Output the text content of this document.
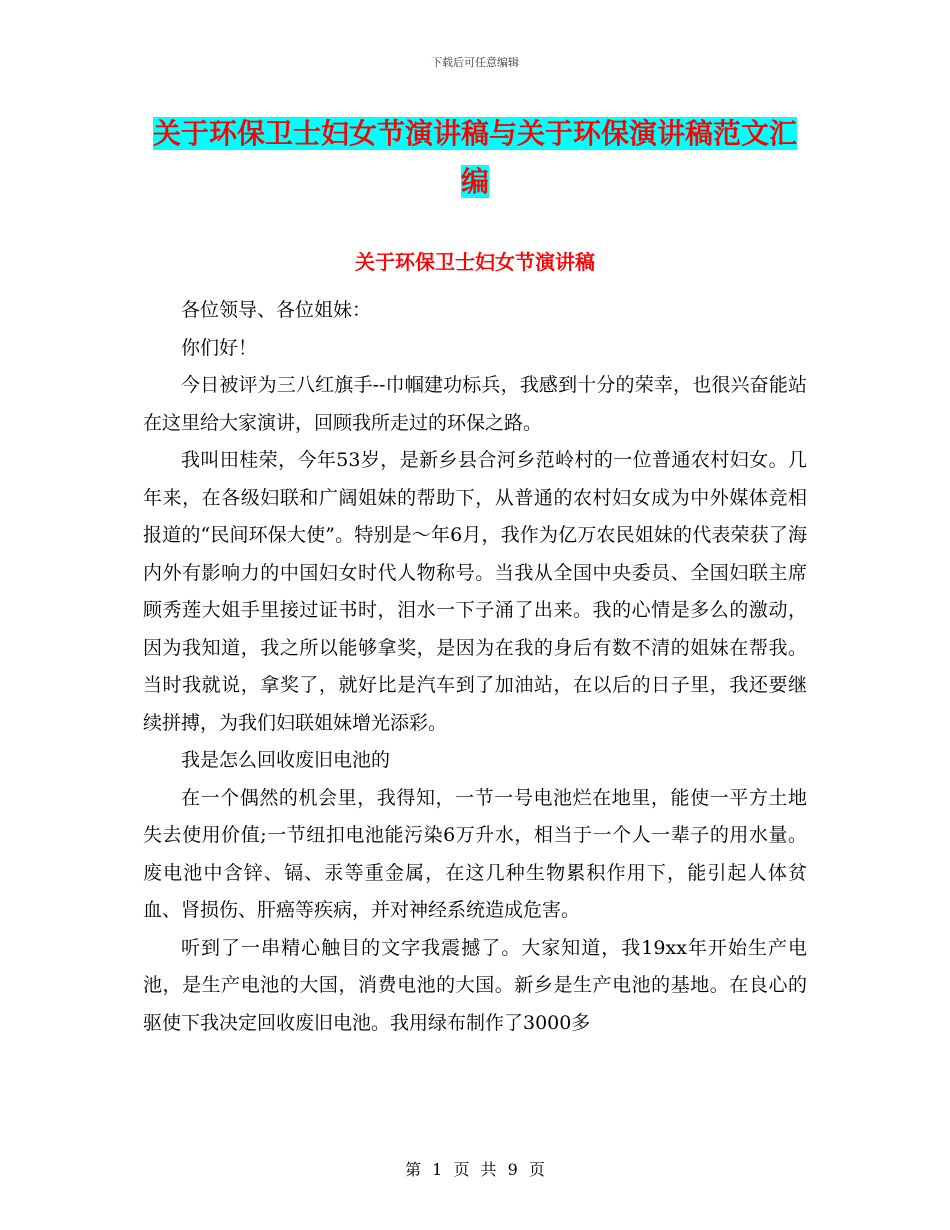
下载后可任意编辑
关于环保卫士妇女节演讲稿与关于环保演讲稿范文汇编
关于环保卫士妇女节演讲稿

各位领导、各位姐妹：

你们好！

今日被评为三八红旗手--巾帼建功标兵，我感到十分的荣幸，也很兴奋能站在这里给大家演讲，回顾我所走过的环保之路。

我叫田桂荣，今年53岁，是新乡县合河乡范岭村的一位普通农村妇女。几年来，在各级妇联和广阔姐妹的帮助下，从普通的农村妇女成为中外媒体竞相报道的“民间环保大使”。特别是～年6月，我作为亿万农民姐妹的代表荣获了海内外有影响力的中国妇女时代人物称号。当我从全国中央委员、全国妇联主席顾秀莲大姐手里接过证书时，泪水一下子涌了出来。我的心情是多么的激动，因为我知道，我之所以能够拿奖，是因为在我的身后有数不清的姐妹在帮我。当时我就说，拿奖了，就好比是汽车到了加油站，在以后的日子里，我还要继续拼搏，为我们妇联姐妹增光添彩。

我是怎么回收废旧电池的

在一个偶然的机会里，我得知，一节一号电池烂在地里，能使一平方土地失去使用价值;一节纽扣电池能污染6万升水，相当于一个人一辈子的用水量。废电池中含锌、镉、汞等重金属，在这几种生物累积作用下，能引起人体贫血、肾损伤、肝癌等疾病，并对神经系统造成危害。

听到了一串精心触目的文字我震撼了。大家知道，我19xx年开始生产电池，是生产电池的大国，消费电池的大国。新乡是生产电池的基地。在良心的驱使下我决定回收废旧电池。我用绿布制作了3000多

第 1 页 共 9 页
